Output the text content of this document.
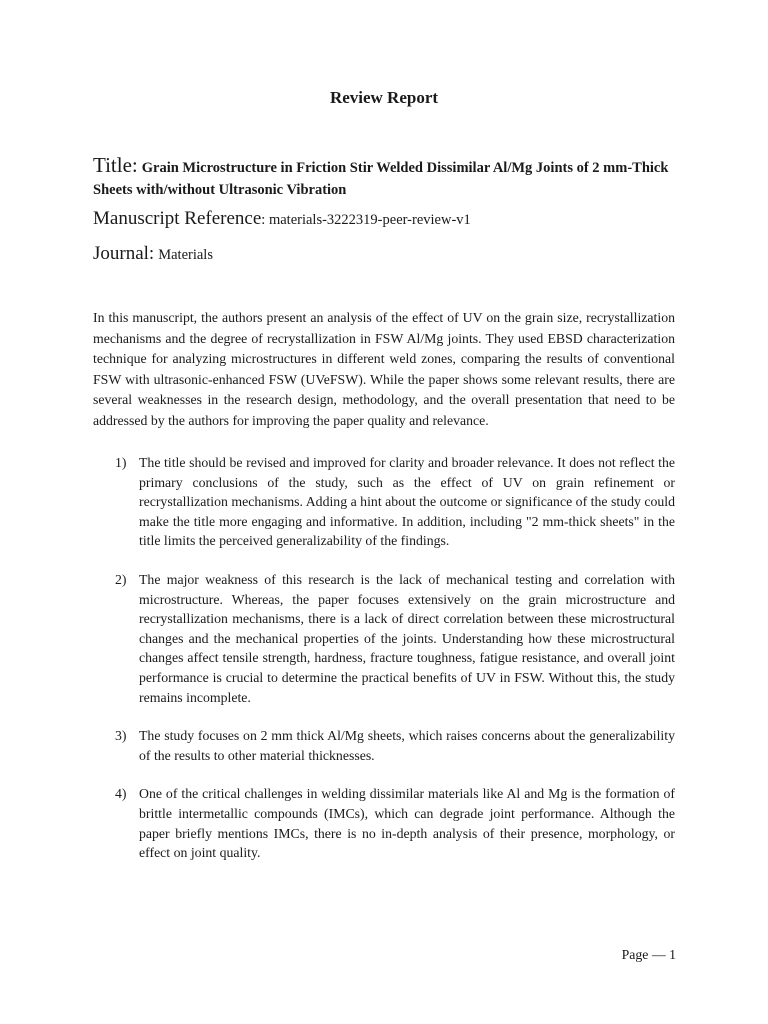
Review Report

Title: Grain Microstructure in Friction Stir Welded Dissimilar Al/Mg Joints of 2 mm-Thick Sheets with/without Ultrasonic Vibration

Manuscript Reference: materials-3222319-peer-review-v1

Journal: Materials

In this manuscript, the authors present an analysis of the effect of UV on the grain size, recrystallization mechanisms and the degree of recrystallization in FSW Al/Mg joints. They used EBSD characterization technique for analyzing microstructures in different weld zones, comparing the results of conventional FSW with ultrasonic-enhanced FSW (UVeFSW). While the paper shows some relevant results, there are several weaknesses in the research design, methodology, and the overall presentation that need to be addressed by the authors for improving the paper quality and relevance.
1) The title should be revised and improved for clarity and broader relevance. It does not reflect the primary conclusions of the study, such as the effect of UV on grain refinement or recrystallization mechanisms. Adding a hint about the outcome or significance of the study could make the title more engaging and informative. In addition, including "2 mm-thick sheets" in the title limits the perceived generalizability of the findings.
2) The major weakness of this research is the lack of mechanical testing and correlation with microstructure. Whereas, the paper focuses extensively on the grain microstructure and recrystallization mechanisms, there is a lack of direct correlation between these microstructural changes and the mechanical properties of the joints. Understanding how these microstructural changes affect tensile strength, hardness, fracture toughness, fatigue resistance, and overall joint performance is crucial to determine the practical benefits of UV in FSW. Without this, the study remains incomplete.
3) The study focuses on 2 mm thick Al/Mg sheets, which raises concerns about the generalizability of the results to other material thicknesses.
4) One of the critical challenges in welding dissimilar materials like Al and Mg is the formation of brittle intermetallic compounds (IMCs), which can degrade joint performance. Although the paper briefly mentions IMCs, there is no in-depth analysis of their presence, morphology, or effect on joint quality.
Page — 1
